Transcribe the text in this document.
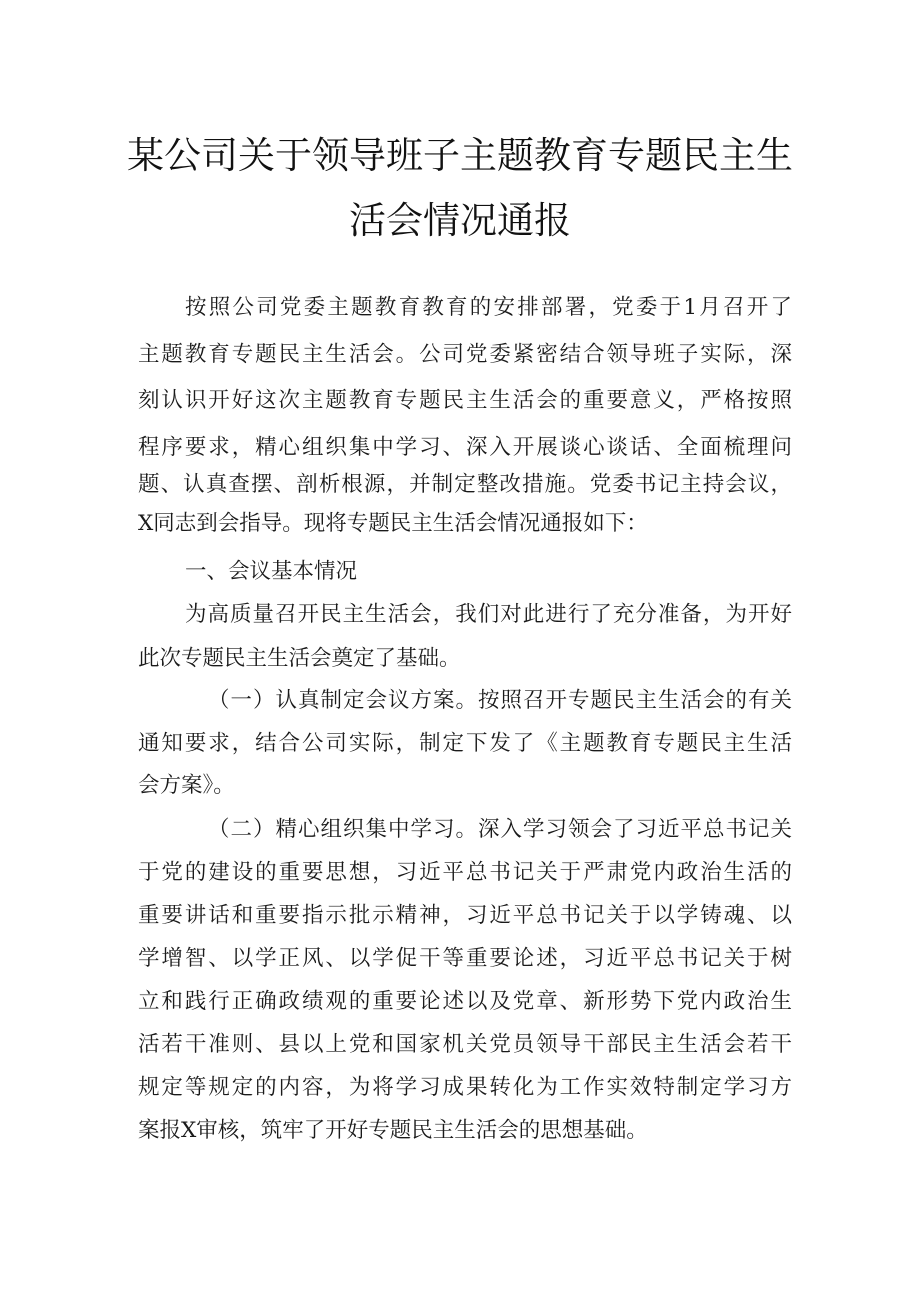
某公司关于领导班子主题教育专题民主生
活会情况通报
按照公司党委主题教育教育的安排部署，党委于1月召开了
主题教育专题民主生活会。公司党委紧密结合领导班子实际，深
刻认识开好这次主题教育专题民主生活会的重要意义，严格按照
程序要求，精心组织集中学习、深入开展谈心谈话、全面梳理问
题、认真查摆、剖析根源，并制定整改措施。党委书记主持会议，
X同志到会指导。现将专题民主生活会情况通报如下：
一、会议基本情况
为高质量召开民主生活会，我们对此进行了充分准备，为开好
此次专题民主生活会奠定了基础。
（一）认真制定会议方案。按照召开专题民主生活会的有关
通知要求，结合公司实际，制定下发了《主题教育专题民主生活
会方案》。
（二）精心组织集中学习。深入学习领会了习近平总书记关
于党的建设的重要思想，习近平总书记关于严肃党内政治生活的
重要讲话和重要指示批示精神，习近平总书记关于以学铸魂、以
学增智、以学正风、以学促干等重要论述，习近平总书记关于树
立和践行正确政绩观的重要论述以及党章、新形势下党内政治生
活若干准则、县以上党和国家机关党员领导干部民主生活会若干
规定等规定的内容，为将学习成果转化为工作实效特制定学习方
案报X审核，筑牢了开好专题民主生活会的思想基础。
